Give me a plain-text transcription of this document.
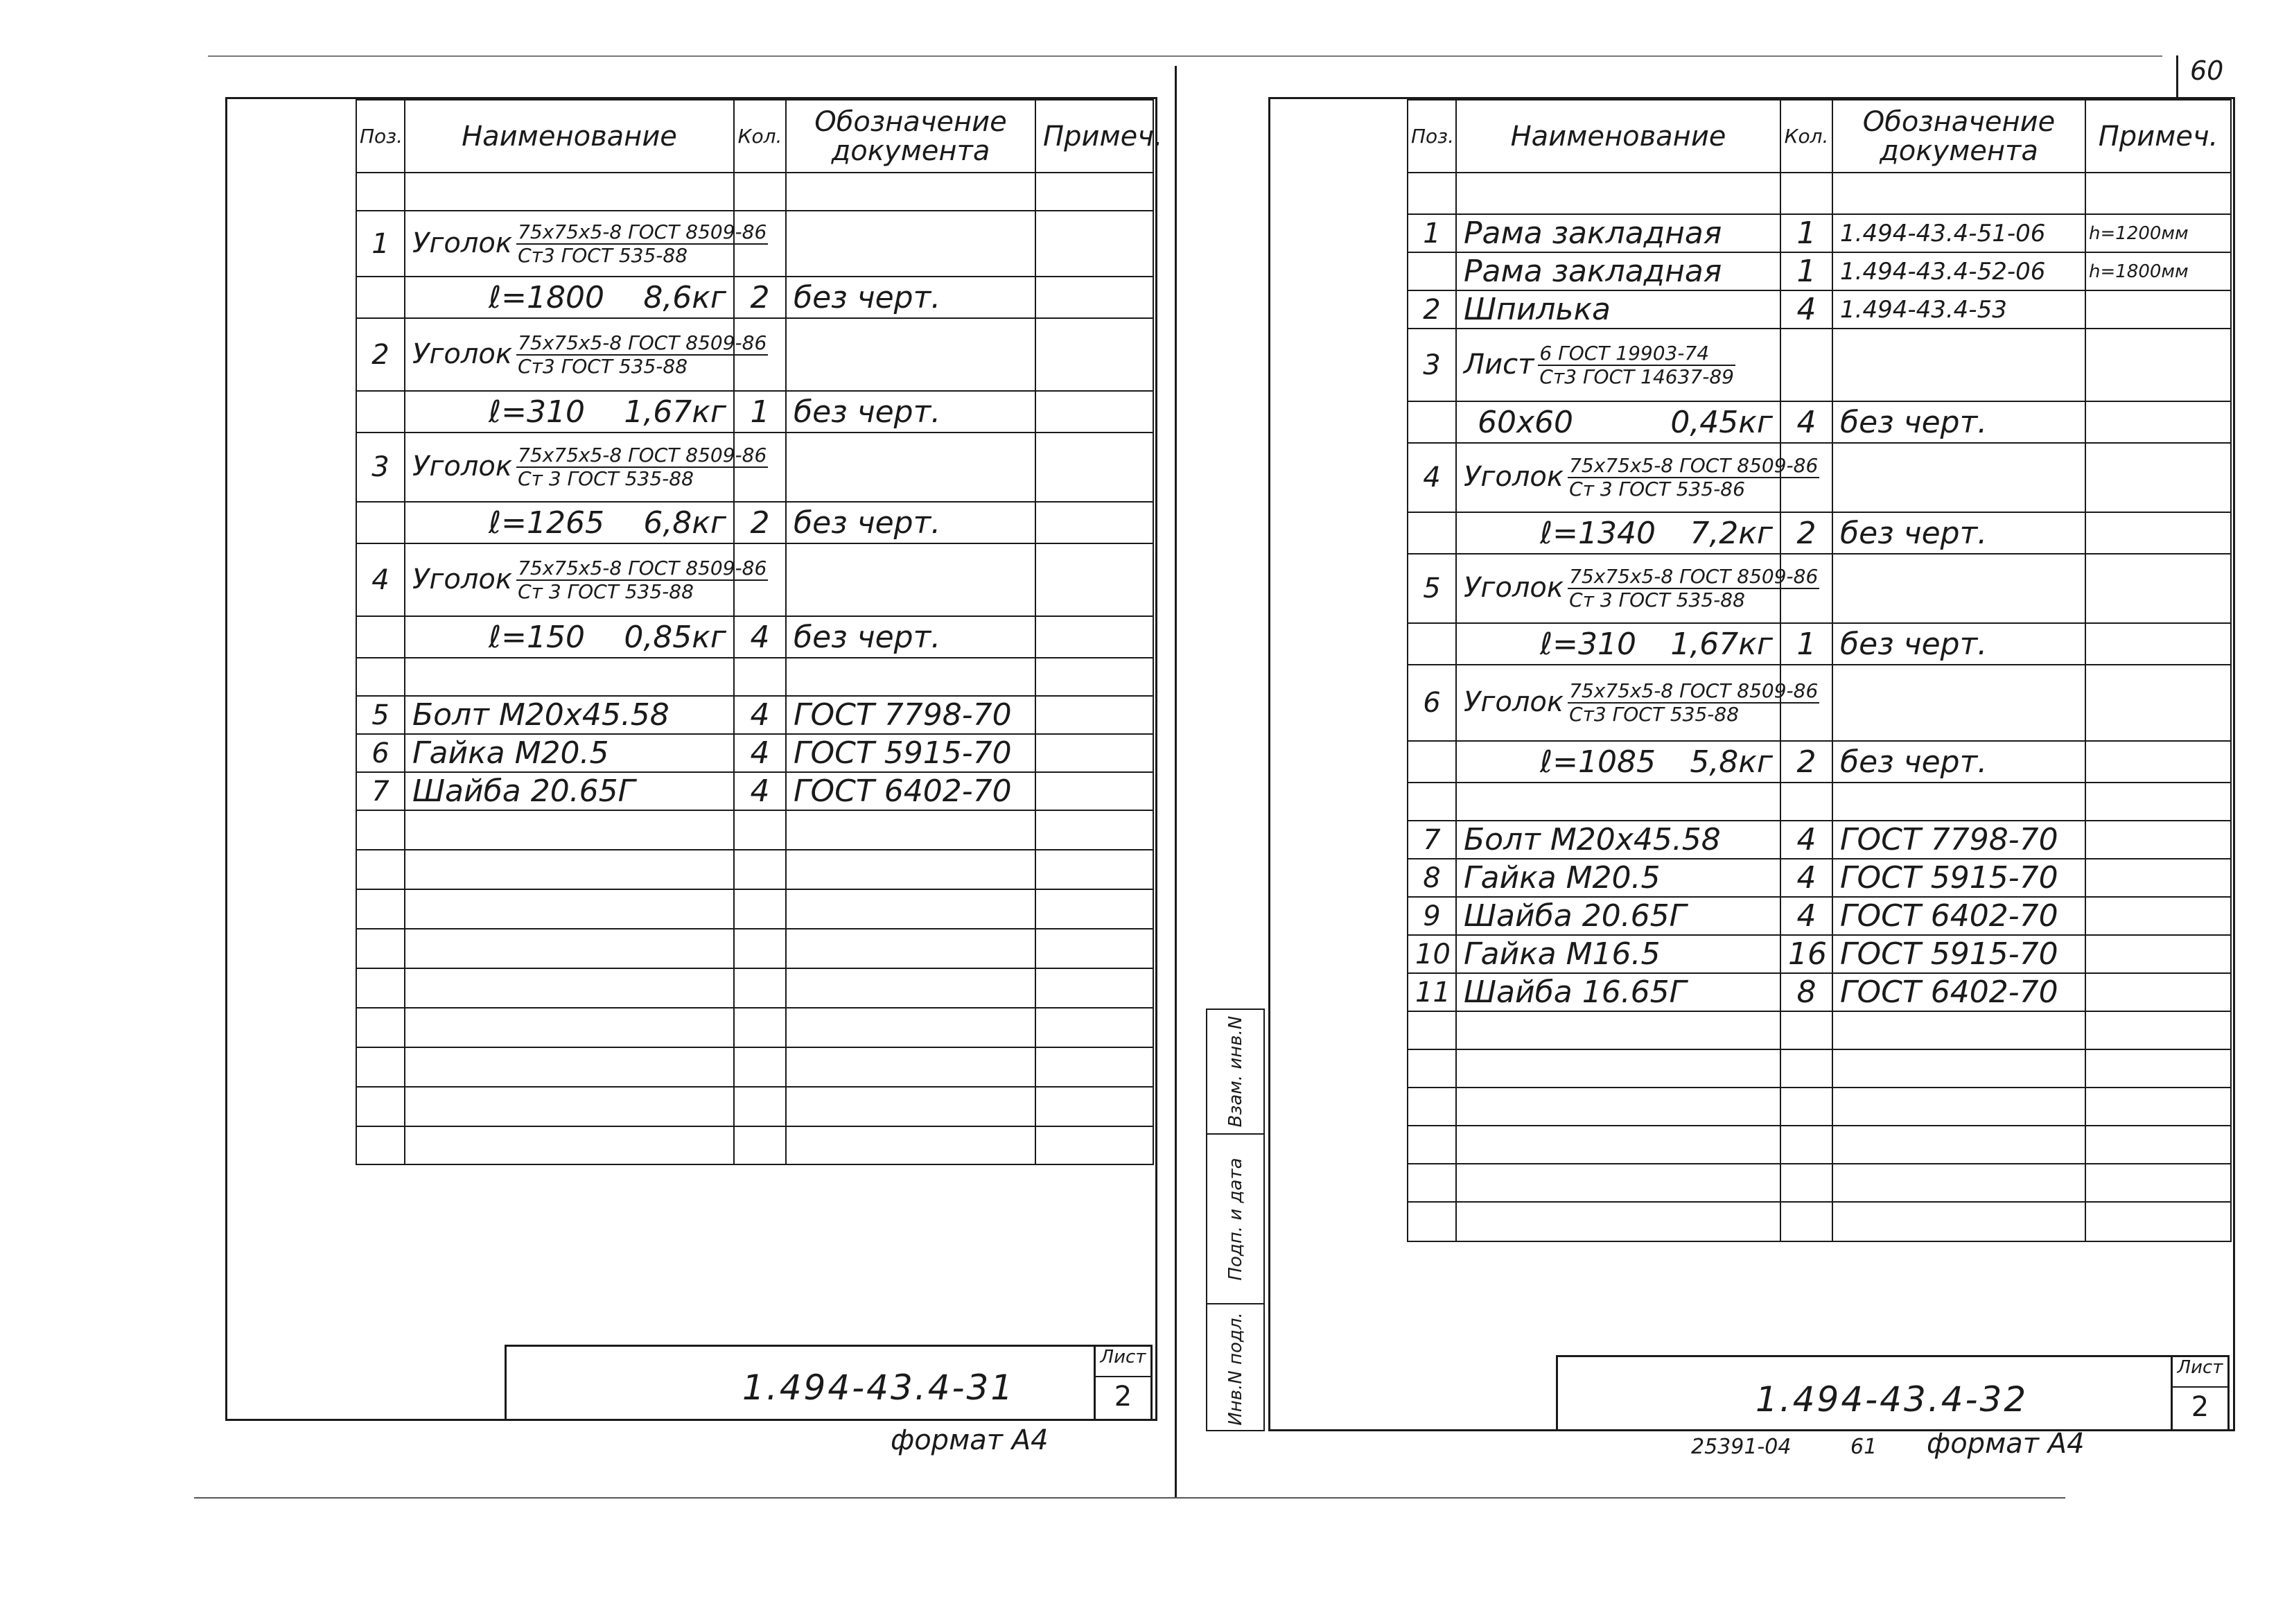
Поз.	Наименование	Кол.	Обозначение
документа	Примеч.

1	Уголок $\frac{\text{75х75х5-8 ГОСТ 8509-86}}{\text{Ст3 ГОСТ 535-88}}$

	ℓ=1800 8,6кг	2	без черт.	
2	Уголок $\frac{\text{75х75х5-8 ГОСТ 8509-86}}{\text{Ст3 ГОСТ 535-88}}$

	ℓ=310 1,67кг	1	без черт.	
3	Уголок $\frac{\text{75х75х5-8 ГОСТ 8509-86}}{\text{Ст 3 ГОСТ 535-88}}$

	ℓ=1265 6,8кг	2	без черт.	
4	Уголок $\frac{\text{75х75х5-8 ГОСТ 8509-86}}{\text{Ст 3 ГОСТ 535-88}}$

	ℓ=150 0,85кг	4	без черт.	

5	Болт М20х45.58	4	ГОСТ 7798-70	
6	Гайка М20.5	4	ГОСТ 5915-70	
7	Шайба 20.65Г	4	ГОСТ 6402-70	

1.494-43.4-31
Лист
2
формат А4
Взам. инв.N
Подп. и дата
Инв.N подл.
60
Поз.	Наименование	Кол.	Обозначение
документа	Примеч.

1	Рама закладная	1	1.494-43.4-51-06	h=1200мм
	Рама закладная	1	1.494-43.4-52-06	h=1800мм
2	Шпилька	4	1.494-43.4-53	
3	Лист $\frac{\text{6 ГОСТ 19903-74}}{\text{Ст3 ГОСТ 14637-89}}$

	60х60 0,45кг	4	без черт.	
4	Уголок $\frac{\text{75х75х5-8 ГОСТ 8509-86}}{\text{Ст 3 ГОСТ 535-86}}$

	ℓ=1340 7,2кг	2	без черт.	
5	Уголок $\frac{\text{75х75х5-8 ГОСТ 8509-86}}{\text{Ст 3 ГОСТ 535-88}}$

	ℓ=310 1,67кг	1	без черт.	
6	Уголок $\frac{\text{75х75х5-8 ГОСТ 8509-86}}{\text{Ст3 ГОСТ 535-88}}$

	ℓ=1085 5,8кг	2	без черт.	

7	Болт М20х45.58	4	ГОСТ 7798-70	
8	Гайка М20.5	4	ГОСТ 5915-70	
9	Шайба 20.65Г	4	ГОСТ 6402-70	
10	Гайка М16.5	16	ГОСТ 5915-70	
11	Шайба 16.65Г	8	ГОСТ 6402-70	

1.494-43.4-32
Лист
2
25391-04	61 формат А4
